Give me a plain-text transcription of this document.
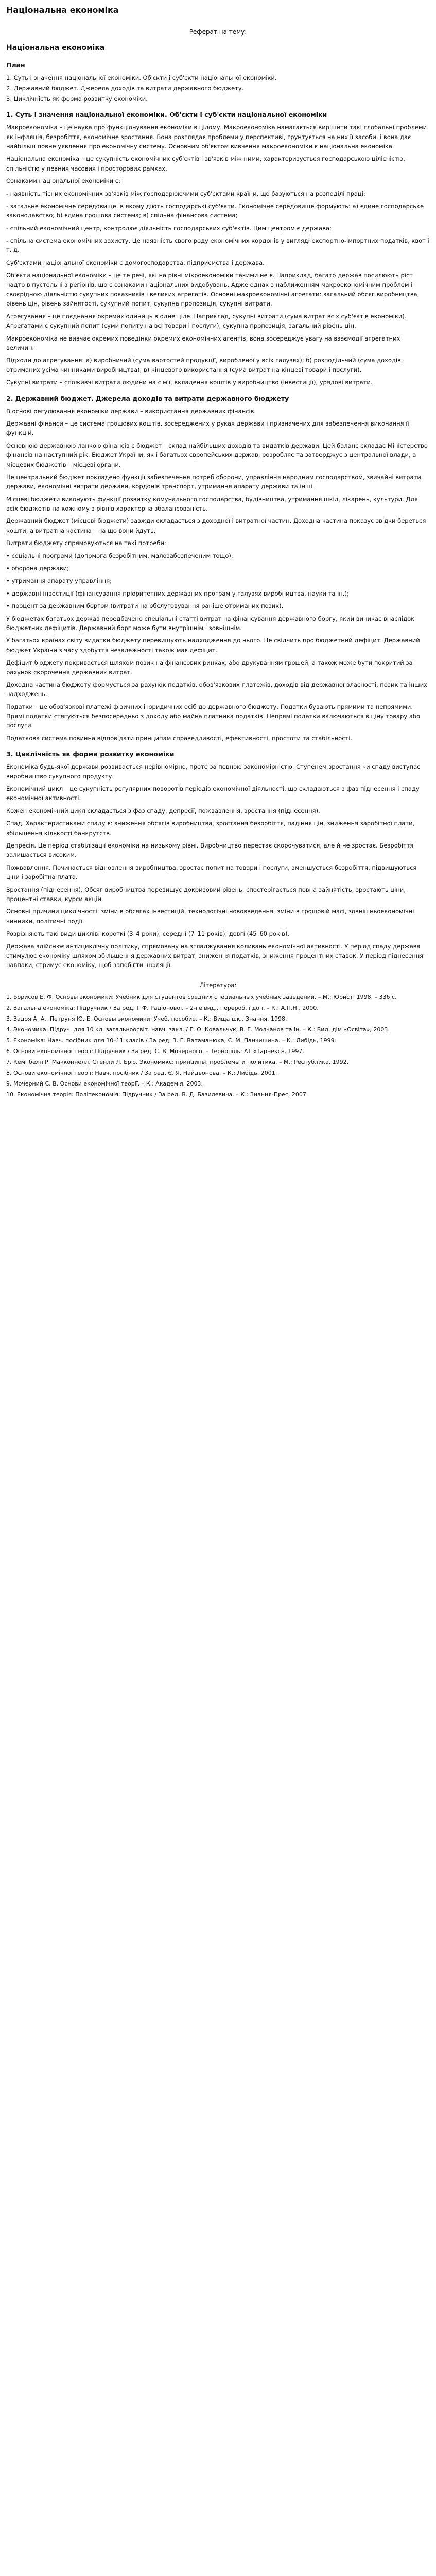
Національна економіка
Реферат на тему:
Національна економіка
План

1. Суть і значення національної економіки. Об'єкти і суб'єкти національної економіки.

2. Державний бюджет. Джерела доходів та витрати державного бюджету.

3. Циклічність як форма розвитку економіки.

1. Суть і значення національної економіки. Об'єкти і суб'єкти національної економіки

Макроекономіка – це наука про функціонування економіки в цілому. Макроекономіка намагається вирішити такі глобальні проблеми як інфляція, безробіття, економічне зростання. Вона розглядає проблеми у перспективі, ґрунтується на них її засоби, і вона дає найбільш повне уявлення про економічну систему. Основним об'єктом вивчення макроекономіки є національна економіка.

Національна економіка – це сукупність економічних суб'єктів і зв'язків між ними, характеризується господарською цілісністю, спільністю у певних часових і просторових рамках.

Ознаками національної економіки є:

- наявність тісних економічних зв'язків між господарюючими суб'єктами країни, що базуються на розподілі праці;

- загальне економічне середовище, в якому діють господарські суб'єкти. Економічне середовище формують: а) єдине господарське законодавство; б) єдина грошова система; в) спільна фінансова система;

- спільний економічний центр, контролює діяльність господарських суб'єктів. Цим центром є держава;

- спільна система економічних захисту. Це наявність свого роду економічних кордонів у вигляді експортно-імпортних податків, квот і т. д.

Суб'єктами національної економіки є домогосподарства, підприємства і держава.

Об'єкти національної економіки – це те речі, які на рівні мікроекономіки такими не є. Наприклад, багато держав посилюють ріст надто в пустельні з регіонів, що є ознаками національних видобувань. Адже однак з наближенням макроекономічним проблем і своєрідною діяльністю сукупних показників і великих агрегатів. Основні макроекономічні агрегати: загальний обсяг виробництва, рівень цін, рівень зайнятості, сукупний попит, сукупна пропозиція, сукупні витрати.

Агрегування – це поєднання окремих одиниць в одне ціле. Наприклад, сукупні витрати (сума витрат всіх суб'єктів економіки). Агрегатами є сукупний попит (суми попиту на всі товари і послуги), сукупна пропозиція, загальний рівень цін.

Макроекономіка не вивчає окремих поведінки окремих економічних агентів, вона зосереджує увагу на взаємодії агрегатних величин.

Підходи до агрегування: а) виробничий (сума вартостей продукції, виробленої у всіх галузях); б) розподільчий (сума доходів, отриманих усіма чинниками виробництва); в) кінцевого використання (сума витрат на кінцеві товари і послуги).

Сукупні витрати – споживчі витрати людини на сім'ї, вкладення коштів у виробництво (інвестиції), урядові витрати.

2. Державний бюджет. Джерела доходів та витрати державного бюджету

В основі регулювання економіки держави – використання державних фінансів.

Державні фінанси – це система грошових коштів, зосереджених у руках держави і призначених для забезпечення виконання її функцій.

Основною державною ланкою фінансів є бюджет – склад найбільших доходів та видатків держави. Цей баланс складає Міністерство фінансів на наступний рік. Бюджет України, як і багатьох європейських держав, розробляє та затверджує з центральної влади, а місцевих бюджетів – місцеві органи.

Не центральний бюджет покладено функції забезпечення потреб оборони, управління народним господарством, звичайні витрати держави, економічні витрати держави, кордонів транспорт, утримання апарату держави та інші.

Місцеві бюджети виконують функції розвитку комунального господарства, будівництва, утримання шкіл, лікарень, культури. Для всіх бюджетів на кожному з рівнів характерна збалансованість.

Державний бюджет (місцеві бюджети) завжди складається з доходної і витратної частин. Доходна частина показує звідки береться кошти, а витратна частина – на що вони йдуть.

Витрати бюджету спрямовуються на такі потреби:

• соціальні програми (допомога безробітним, малозабезпеченим тощо);

• оборона держави;

• утримання апарату управління;

• державні інвестиції (фінансування пріоритетних державних програм у галузях виробництва, науки та ін.);

• процент за державним боргом (витрати на обслуговування раніше отриманих позик).

У бюджетах багатьох держав передбачено спеціальні статті витрат на фінансування державного боргу, який виникає внаслідок бюджетних дефіцитів. Державний борг може бути внутрішнім і зовнішнім.

У багатьох країнах світу видатки бюджету перевищують надходження до нього. Це свідчить про бюджетний дефіцит. Державний бюджет України з часу здобуття незалежності також має дефіцит.

Дефіцит бюджету покривається шляхом позик на фінансових ринках, або друкуванням грошей, а також може бути покритий за рахунок скорочення державних витрат.

Доходна частина бюджету формується за рахунок податків, обов'язкових платежів, доходів від державної власності, позик та інших надходжень.

Податки – це обов'язкові платежі фізичних і юридичних осіб до державного бюджету. Податки бувають прямими та непрямими. Прямі податки стягуються безпосередньо з доходу або майна платника податків. Непрямі податки включаються в ціну товару або послуги.

Податкова система повинна відповідати принципам справедливості, ефективності, простоти та стабільності.

3. Циклічність як форма розвитку економіки

Економіка будь-якої держави розвивається нерівномірно, проте за певною закономірністю. Ступенем зростання чи спаду виступає виробництво сукупного продукту.

Економічний цикл – це сукупність регулярних поворотів періодів економічної діяльності, що складаються з фаз піднесення і спаду економічної активності.

Кожен економічний цикл складається з фаз спаду, депресії, пожвавлення, зростання (піднесення).

Спад. Характеристиками спаду є: зниження обсягів виробництва, зростання безробіття, падіння цін, зниження заробітної плати, збільшення кількості банкрутств.

Депресія. Це період стабілізації економіки на низькому рівні. Виробництво перестає скорочуватися, але й не зростає. Безробіття залишається високим.

Пожвавлення. Починається відновлення виробництва, зростає попит на товари і послуги, зменшується безробіття, підвищуються ціни і заробітна плата.

Зростання (піднесення). Обсяг виробництва перевищує докризовий рівень, спостерігається повна зайнятість, зростають ціни, процентні ставки, курси акцій.

Основні причини циклічності: зміни в обсягах інвестицій, технологічні нововведення, зміни в грошовій масі, зовнішньоекономічні чинники, політичні події.

Розрізняють такі види циклів: короткі (3–4 роки), середні (7–11 років), довгі (45–60 років).

Держава здійснює антициклічну політику, спрямовану на згладжування коливань економічної активності. У період спаду держава стимулює економіку шляхом збільшення державних витрат, зниження податків, зниження процентних ставок. У період піднесення – навпаки, стримує економіку, щоб запобігти інфляції.

Література:
1. Борисов Е. Ф. Основы экономики: Учебник для студентов средних специальных учебных заведений. – М.: Юрист, 1998. – 336 с.
2. Загальна економіка: Підручник / За ред. І. Ф. Радіонової. – 2-ге вид., перероб. і доп. – К.: А.П.Н., 2000.
3. Задоя А. А., Петруня Ю. Е. Основы экономики: Учеб. пособие. – К.: Вища шк., Знання, 1998.
4. Экономика: Підруч. для 10 кл. загальноосвіт. навч. закл. / Г. О. Ковальчук, В. Г. Молчанов та ін. – К.: Вид. дім «Освіта», 2003.
5. Економіка: Навч. посібник для 10–11 класів / За ред. З. Г. Ватаманюка, С. М. Панчишина. – К.: Либідь, 1999.
6. Основи економічної теорії: Підручник / За ред. С. В. Мочерного. – Тернопіль: АТ «Тарнекс», 1997.
7. Кемпбелл Р. Макконнелл, Стенли Л. Брю. Экономикс: принципы, проблемы и политика. – М.: Республика, 1992.
8. Основи економічної теорії: Навч. посібник / За ред. Є. Я. Найдьонова. – К.: Либідь, 2001.
9. Мочерний С. В. Основи економічної теорії. – К.: Академія, 2003.
10. Економічна теорія: Політекономія: Підручник / За ред. В. Д. Базилевича. – К.: Знання-Прес, 2007.
